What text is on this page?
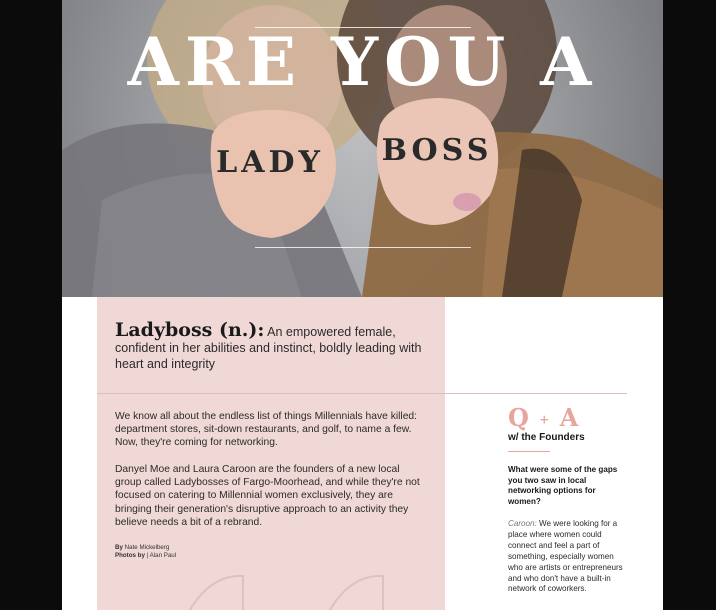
LADY BOSS
ARE YOU A
Ladyboss (n.): An empowered female, confident in her abilities and instinct, boldly leading with heart and integrity

We know all about the endless list of things Millennials have killed: department stores, sit-down restaurants, and golf, to name a few. Now, they're coming for networking.

Danyel Moe and Laura Caroon are the founders of a new local group called Ladybosses of Fargo-Moorhead, and while they're not focused on catering to Millennial women exclusively, they are bringing their generation's disruptive approach to an activity they believe needs a bit of a rebrand.

By Nate Mickelberg
Photos by | Alan Paul
Q + A
w/ the Founders

What were some of the gaps you two saw in local networking options for women?

Caroon: We were looking for a place where women could connect and feel a part of something, especially women who are artists or entrepreneurs and who don't have a built-in network of coworkers.
